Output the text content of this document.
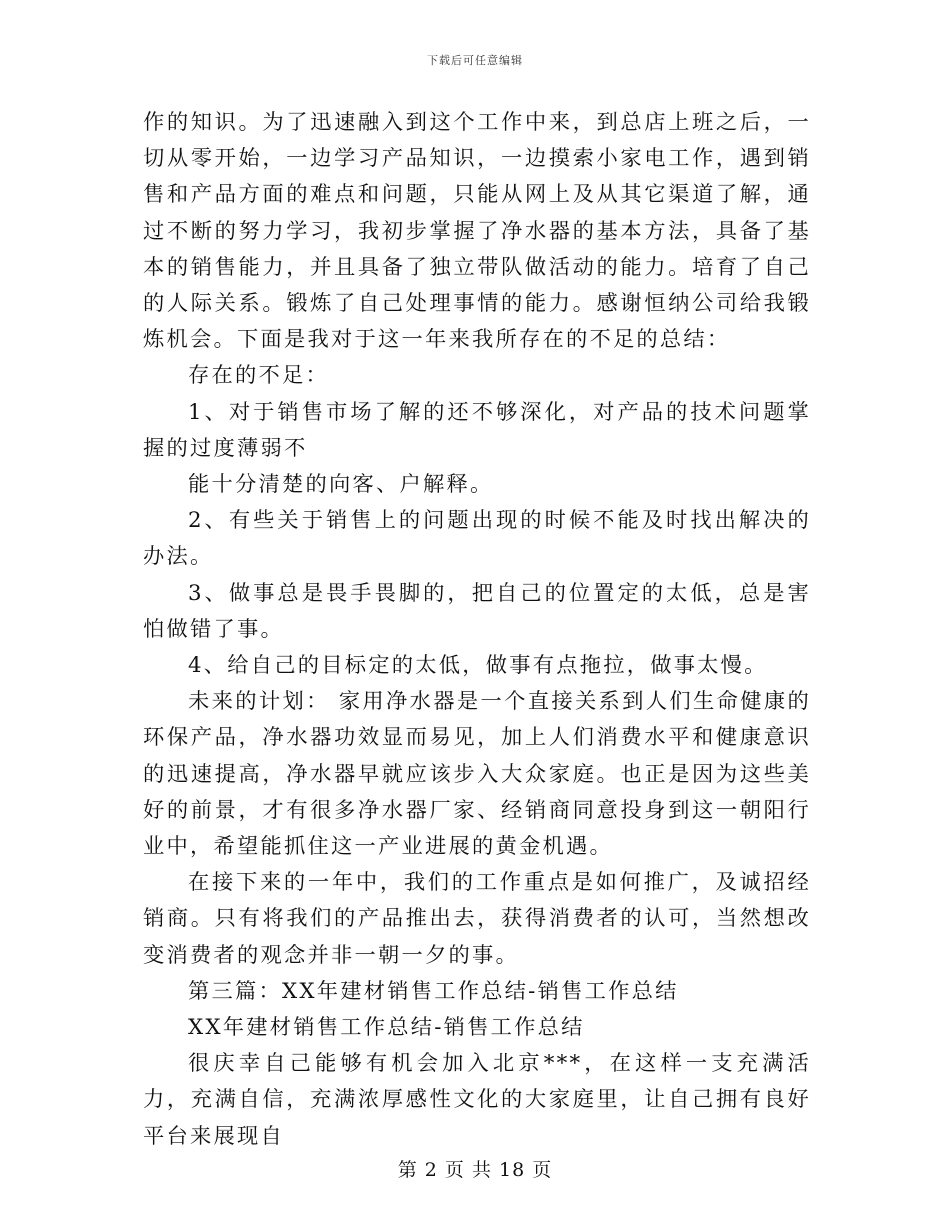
下载后可任意编辑

作的知识。为了迅速融入到这个工作中来，到总店上班之后，一切从零开始，一边学习产品知识，一边摸索小家电工作，遇到销售和产品方面的难点和问题，只能从网上及从其它渠道了解，通过不断的努力学习，我初步掌握了净水器的基本方法，具备了基本的销售能力，并且具备了独立带队做活动的能力。培育了自己的人际关系。锻炼了自己处理事情的能力。感谢恒纳公司给我锻炼机会。下面是我对于这一年来我所存在的不足的总结：

存在的不足：

1、对于销售市场了解的还不够深化，对产品的技术问题掌握的过度薄弱不

能十分清楚的向客、户解释。

2、有些关于销售上的问题出现的时候不能及时找出解决的办法。

3、做事总是畏手畏脚的，把自己的位置定的太低，总是害怕做错了事。

4、给自己的目标定的太低，做事有点拖拉，做事太慢。

未来的计划： 家用净水器是一个直接关系到人们生命健康的环保产品，净水器功效显而易见，加上人们消费水平和健康意识的迅速提高，净水器早就应该步入大众家庭。也正是因为这些美好的前景，才有很多净水器厂家、经销商同意投身到这一朝阳行业中，希望能抓住这一产业进展的黄金机遇。

在接下来的一年中，我们的工作重点是如何推广，及诚招经销商。只有将我们的产品推出去，获得消费者的认可，当然想改变消费者的观念并非一朝一夕的事。

第三篇：XX年建材销售工作总结-销售工作总结

XX年建材销售工作总结-销售工作总结

很庆幸自己能够有机会加入北京***，在这样一支充满活力，充满自信，充满浓厚感性文化的大家庭里，让自己拥有良好平台来展现自

第 2 页 共 18 页
